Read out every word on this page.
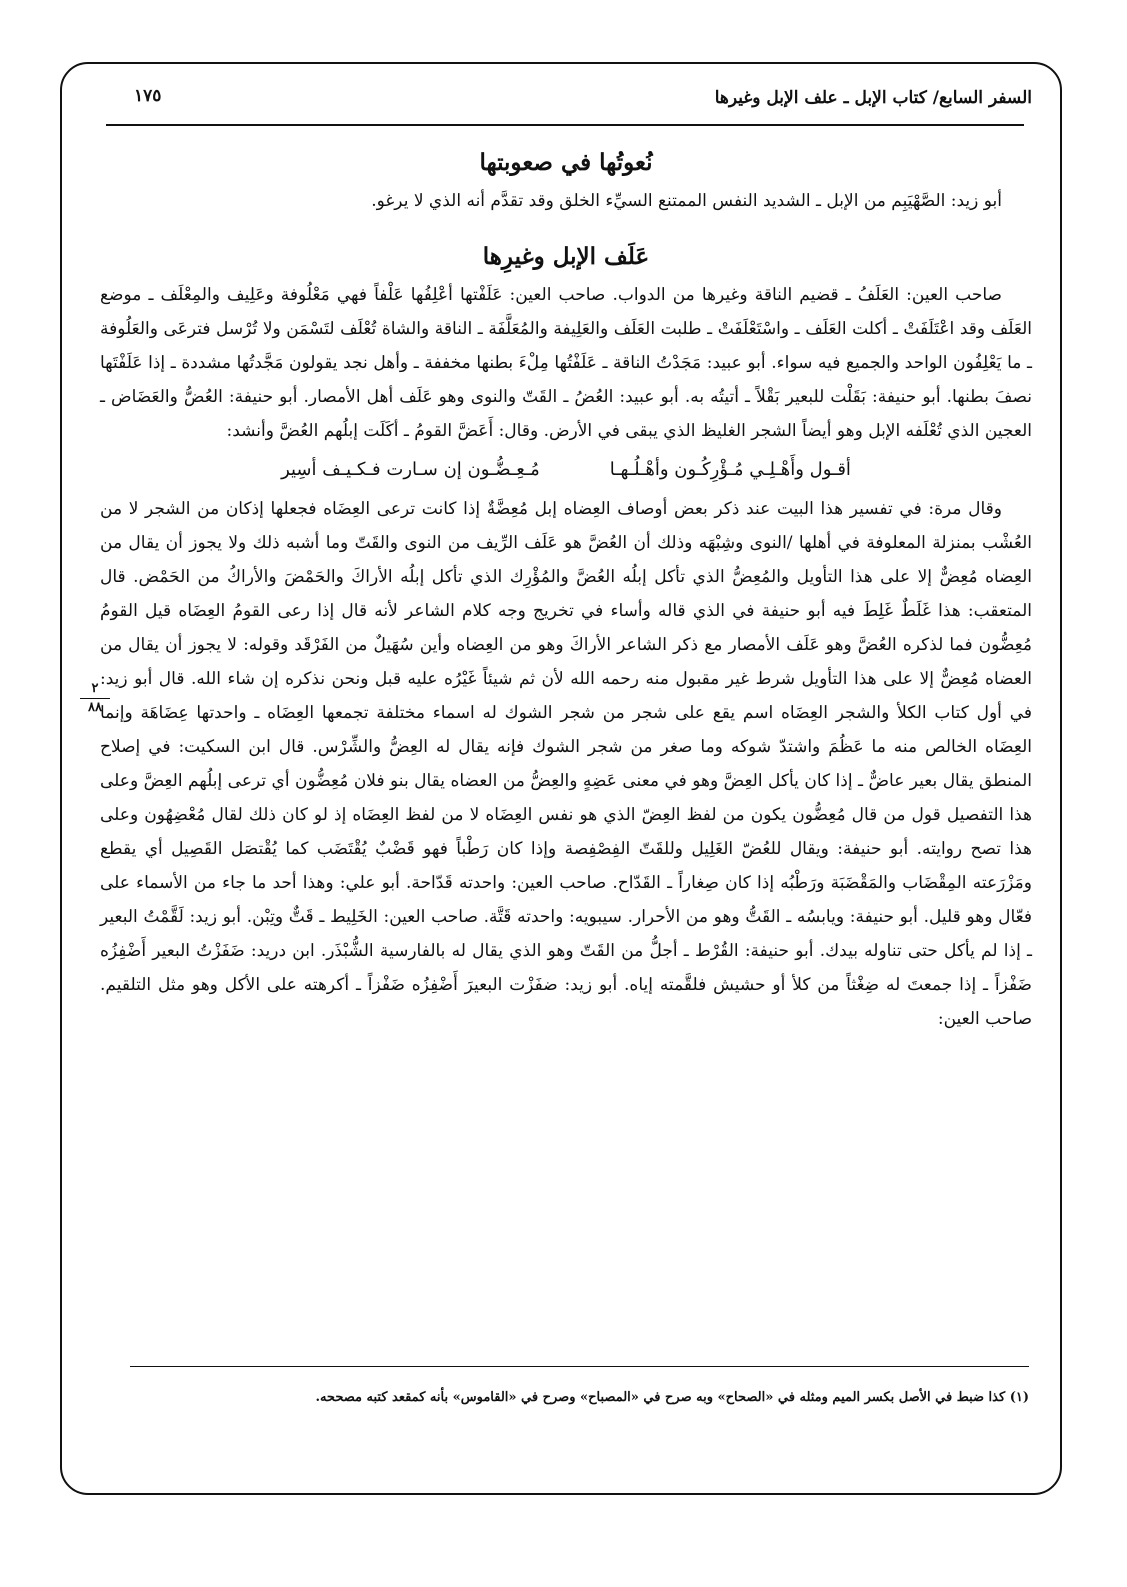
السفر السابع/ كتاب الإبل ـ علف الإبل وغيرها
١٧٥
٢
٨٨
نُعوتُها في صعوبتها

أبو زيد: الصَّهْيَبِم من الإبل ـ الشديد النفس الممتنع السيِّء الخلق وقد تقدَّم أنه الذي لا يرغو.

عَلَف الإبل وغيرِها

صاحب العين: العَلَفُ ـ قضيم الناقة وغيرها من الدواب. صاحب العين: عَلَفْتها أعْلِفُها عَلْفاً فهي مَعْلُوفة وعَلِيف والمِعْلَف ـ موضع العَلَف وقد اعْتَلَفَتْ ـ أكلت العَلَف ـ واسْتَعْلَفَتْ ـ طلبت العَلَف والعَلِيفة والمُعَلَّفَة ـ الناقة والشاة تُعْلَف لتَسْمَن ولا تُرْسل فترعَى والعَلُوفة ـ ما يَعْلِفُون الواحد والجميع فيه سواء. أبو عبيد: مَجَدْتُ الناقة ـ عَلَفْتُها مِلْءَ بطنها مخففة ـ وأهل نجد يقولون مَجَّدتُها مشددة ـ إذا عَلَفْتَها نصفَ بطنها. أبو حنيفة: بَقَلْت للبعير بَقْلاً ـ أتيتُه به. أبو عبيد: العُضُ ـ القَتّ والنوى وهو عَلَف أهل الأمصار. أبو حنيفة: العُضُّ والعَضَاض ـ العجين الذي تُعْلَفه الإبل وهو أيضاً الشجر الغليظ الذي يبقى في الأرض. وقال: أَعَضَّ القومُ ـ أكَلَت إبلُهم العُضَّ وأنشد:

أقـول وأَهْـلِـي مُـؤْرِكُـون وأهْـلُـهـا
مُـعِـضُّـون إن سـارت فـكـيـف أسِير

وقال مرة: في تفسير هذا البيت عند ذكر بعض أوصاف العِضاه إبل مُعِضَّةٌ إذا كانت ترعى العِضَاه فجعلها إذكان من الشجر لا من العُشْب بمنزلة المعلوفة في أهلها /النوى وشِبْهَه وذلك أن العُضَّ هو عَلَف الرِّيف من النوى والقَتّ وما أشبه ذلك ولا يجوز أن يقال من العِضاه مُعِضٌّ إلا على هذا التأويل والمُعِضُّ الذي تأكل إبلُه العُضَّ والمُؤْرِك الذي تأكل إبلُه الأراكَ والحَمْضَ والأراكُ من الحَمْض. قال المتعقب: هذا غَلَطٌ غَلِطَ فيه أبو حنيفة في الذي قاله وأساء في تخريج وجه كلام الشاعر لأنه قال إذا رعى القومُ العِضَاه قيل القومُ مُعِضُّون فما لذكره العُضَّ وهو عَلَف الأمصار مع ذكر الشاعر الأراكَ وهو من العِضاه وأين سُهَيلٌ من الفَرْقَد وقوله: لا يجوز أن يقال من العضاه مُعِضٌّ إلا على هذا التأويل شرط غير مقبول منه رحمه الله لأن ثم شيئاً غَيْرُه عليه قبل ونحن نذكره إن شاء الله. قال أبو زيد: في أول كتاب الكلأ والشجر العِضَاه اسم يقع على شجر من شجر الشوك له اسماء مختلفة تجمعها العِضَاه ـ واحدتها عِضَاهَة وإنما العِضَاه الخالص منه ما عَظُمَ واشتدّ شوكه وما صغر من شجر الشوك فإنه يقال له العِضُّ والشِّرْس. قال ابن السكيت: في إصلاح المنطق يقال بعير عاضٌّ ـ إذا كان يأكل العِضَّ وهو في معنى عَضِهٍ والعِضُّ من العضاه يقال بنو فلان مُعِضُّون أي ترعى إبلُهم العِضَّ وعلى هذا التفصيل قول من قال مُعِضُّون يكون من لفظ العِضّ الذي هو نفس العِضَاه لا من لفظ العِضَاه إذ لو كان ذلك لقال مُعْضِهُون وعلى هذا تصح روايته. أبو حنيفة: ويقال للعُضّ الغَلِيل وللقَتّ الفِصْفِصة وإذا كان رَطْباً فهو قَضْبٌ يُقْتَضَب كما يُقْتصَل القَصِيل أي يقطع ومَزْرَعته المِقْضَاب والمَقْضَبَة ورَطْبُه إذا كان صِغاراً ـ القَدّاح. صاحب العين: واحدته قَدّاحة. أبو علي: وهذا أحد ما جاء من الأسماء على فعّال وهو قليل. أبو حنيفة: ويابسُه ـ القَتُّ وهو من الأحرار. سيبويه: واحدته قَتَّة. صاحب العين: الخَلِيط ـ قَتٌّ وتِبْن. أبو زيد: لَقَّمْتُ البعير ـ إذا لم يأكل حتى تناوله بيدك. أبو حنيفة: القُرْط ـ أجلُّ من القَتّ وهو الذي يقال له بالفارسية الشُّبْذَر. ابن دريد: ضَفَزْتُ البعير أَضْفِزُه ضَفْزاً ـ إذا جمعتَ له ضِغْثاً من كلأ أو حشيش فلقَّمته إياه. أبو زيد: ضفَزْت البعيرَ أَضْفِزُه ضَفْزاً ـ أكرهته على الأكل وهو مثل التلقيم. صاحب العين:

(١) كذا ضبط في الأصل بكسر الميم ومثله في «الصحاح» وبه صرح في «المصباح» وصرح في «القاموس» بأنه كمقعد كتبه مصححه.
